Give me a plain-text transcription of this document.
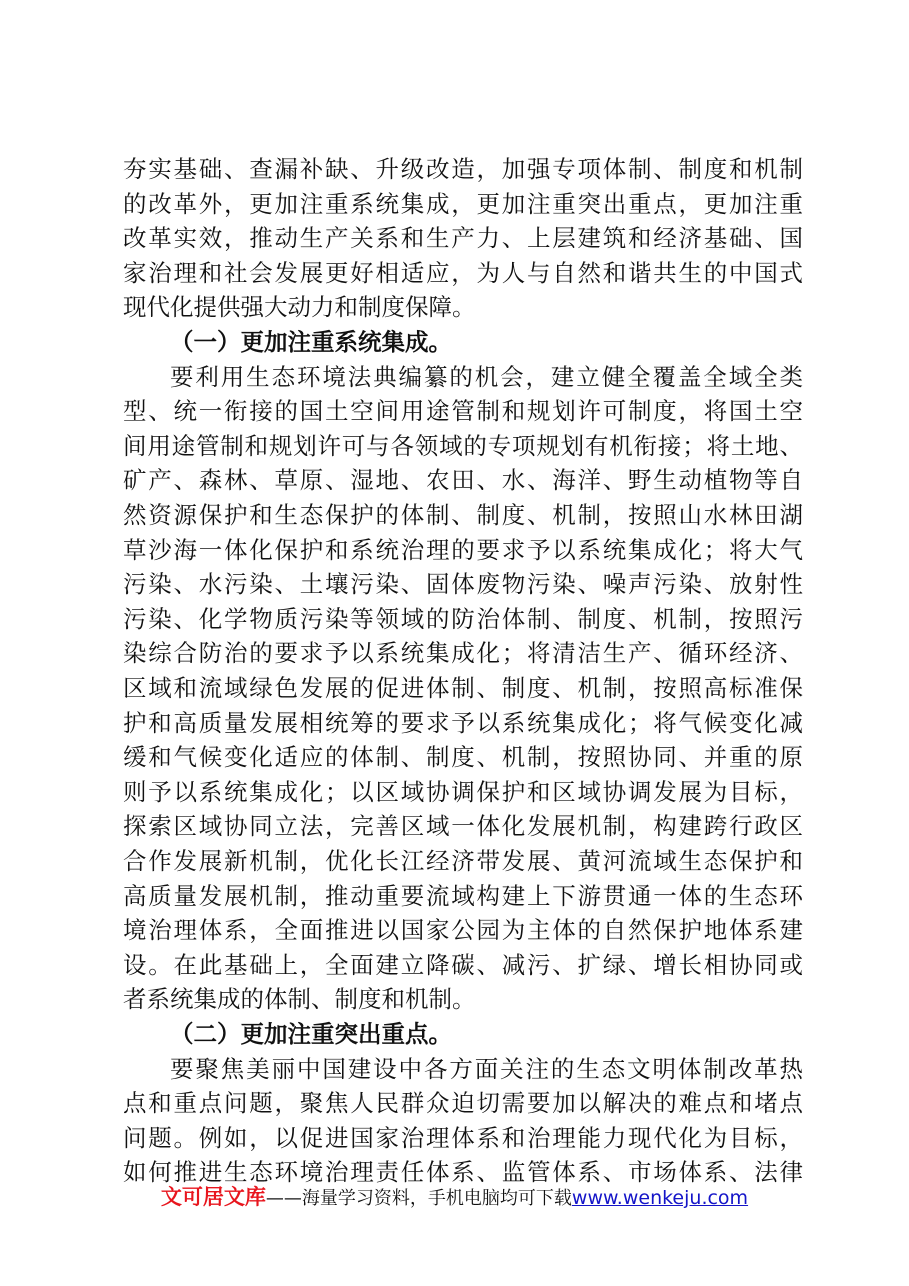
夯实基础、查漏补缺、升级改造，加强专项体制、制度和机制
的改革外，更加注重系统集成，更加注重突出重点，更加注重
改革实效，推动生产关系和生产力、上层建筑和经济基础、国
家治理和社会发展更好相适应，为人与自然和谐共生的中国式
现代化提供强大动力和制度保障。
（一）更加注重系统集成。
要利用生态环境法典编纂的机会，建立健全覆盖全域全类
型、统一衔接的国土空间用途管制和规划许可制度，将国土空
间用途管制和规划许可与各领域的专项规划有机衔接；将土地、
矿产、森林、草原、湿地、农田、水、海洋、野生动植物等自
然资源保护和生态保护的体制、制度、机制，按照山水林田湖
草沙海一体化保护和系统治理的要求予以系统集成化；将大气
污染、水污染、土壤污染、固体废物污染、噪声污染、放射性
污染、化学物质污染等领域的防治体制、制度、机制，按照污
染综合防治的要求予以系统集成化；将清洁生产、循环经济、
区域和流域绿色发展的促进体制、制度、机制，按照高标准保
护和高质量发展相统筹的要求予以系统集成化；将气候变化减
缓和气候变化适应的体制、制度、机制，按照协同、并重的原
则予以系统集成化；以区域协调保护和区域协调发展为目标，
探索区域协同立法，完善区域一体化发展机制，构建跨行政区
合作发展新机制，优化长江经济带发展、黄河流域生态保护和
高质量发展机制，推动重要流域构建上下游贯通一体的生态环
境治理体系，全面推进以国家公园为主体的自然保护地体系建
设。在此基础上，全面建立降碳、减污、扩绿、增长相协同或
者系统集成的体制、制度和机制。
（二）更加注重突出重点。
要聚焦美丽中国建设中各方面关注的生态文明体制改革热
点和重点问题，聚焦人民群众迫切需要加以解决的难点和堵点
问题。例如，以促进国家治理体系和治理能力现代化为目标，
如何推进生态环境治理责任体系、监管体系、市场体系、法律
文可居文库——海量学习资料，手机电脑均可下载www.wenkeju.com
